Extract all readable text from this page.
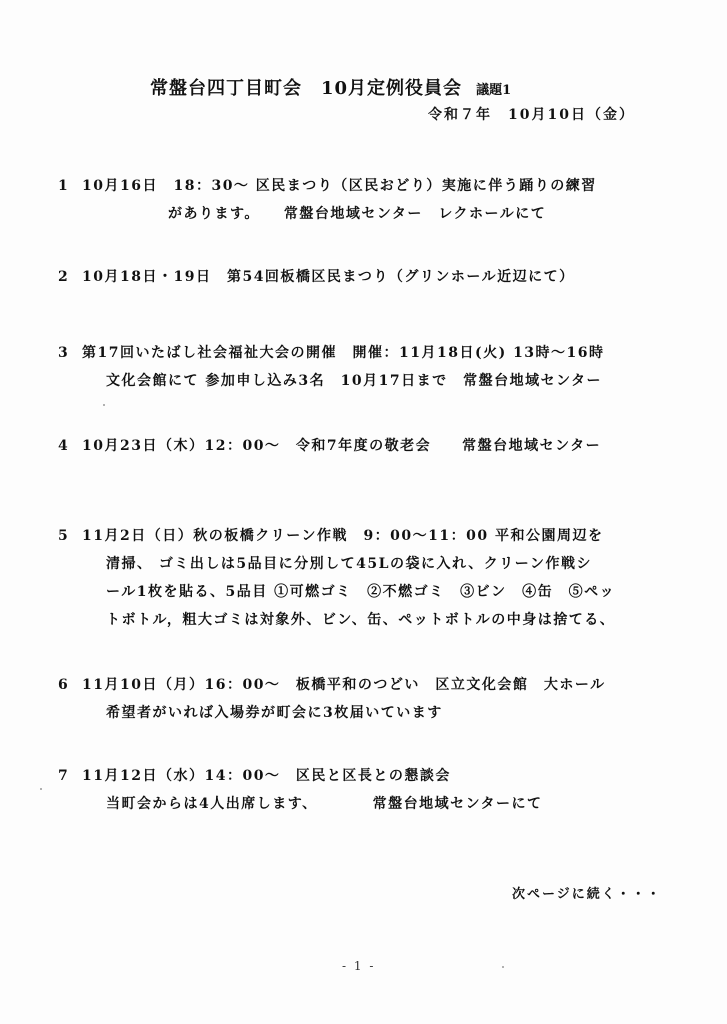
常盤台四丁目町会　10月定例役員会 議題1
令和７年　10月10日（金）
1 10月16日　18：30～ 区民まつり（区民おどり）実施に伴う踊りの練習
があります。　　常盤台地域センター　レクホールにて
2 10月18日・19日　第54回板橋区民まつり（グリンホール近辺にて）
3 第17回いたばし社会福祉大会の開催　開催：11月18日(火) 13時～16時
文化会館にて 参加申し込み3名　10月17日まで　常盤台地域センター
4 10月23日（木）12：00～　令和7年度の敬老会　　常盤台地域センター
5 11月2日（日）秋の板橋クリーン作戦　9：00～11：00 平和公園周辺を
清掃、 ゴミ出しは5品目に分別して45Lの袋に入れ、クリーン作戦シ
ール1枚を貼る、5品目 ①可燃ゴミ　②不燃ゴミ　③ビン　④缶　⑤ペッ
トボトル，粗大ゴミは対象外、ビン、缶、ペットボトルの中身は捨てる、
6 11月10日（月）16：00～　板橋平和のつどい　区立文化会館　大ホール
希望者がいれば入場券が町会に3枚届いています
7 11月12日（水）14：00～　区民と区長との懇談会
当町会からは4人出席します、　　　　常盤台地域センターにて
次ページに続く・・・
- 1 -
